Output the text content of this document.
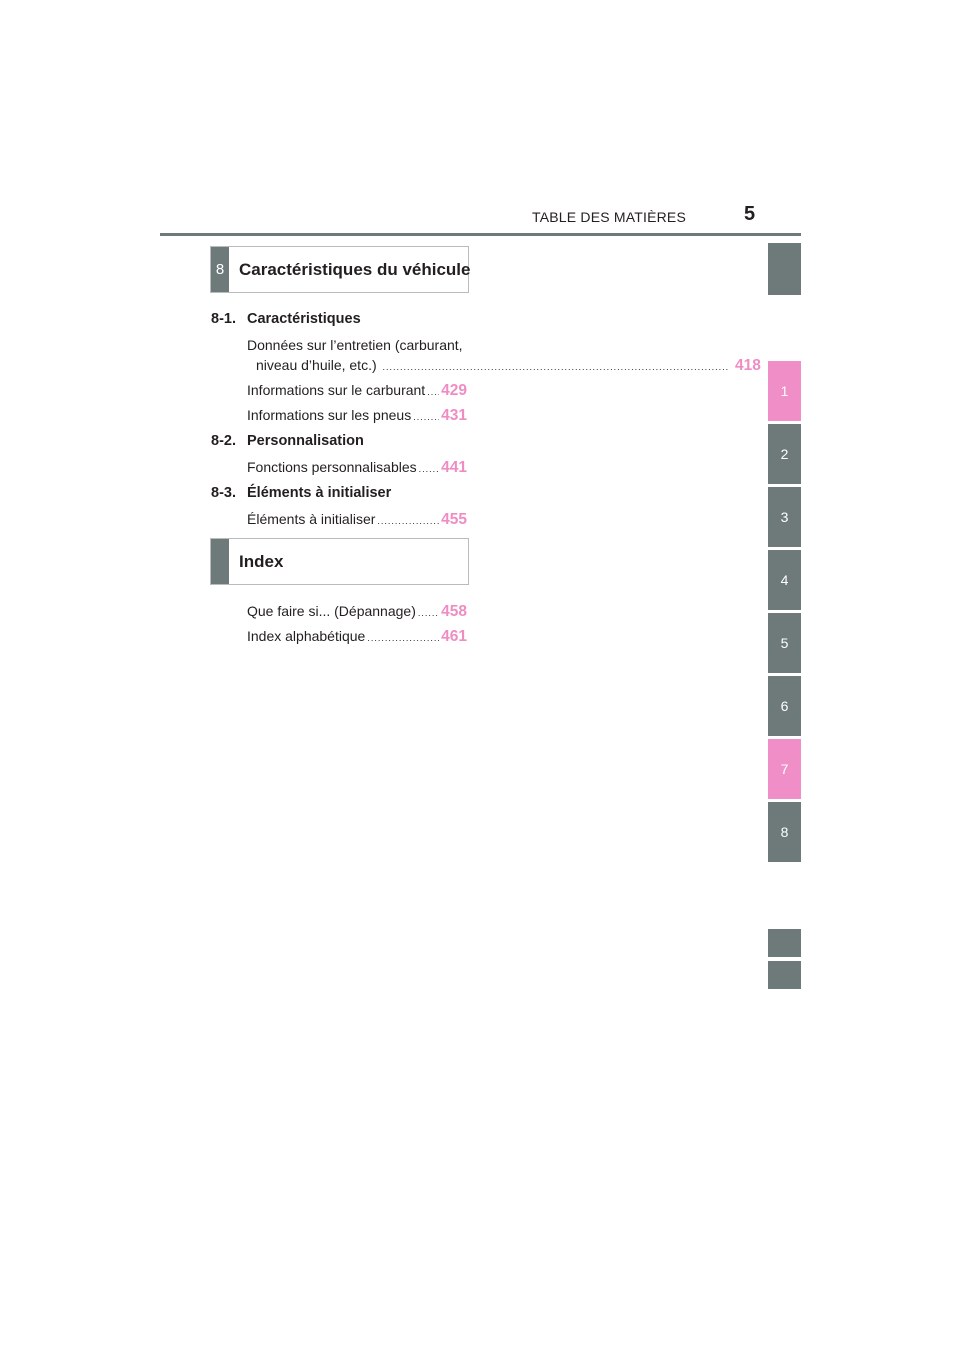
TABLE DES MATIÈRES	5
8 Caractéristiques du véhicule
8-1. Caractéristiques
Données sur l’entretien (carburant,
niveau d’huile, etc.) .....	418
Informations sur le carburant ..... 429
Informations sur les pneus ..... 431
8-2. Personnalisation
Fonctions personnalisables ..... 441
8-3. Éléments à initialiser
Éléments à initialiser .....	455
Index
Que faire si... (Dépannage) ..... 458
Index alphabétique .....	461
1
2
3
4
5
6
7
8
